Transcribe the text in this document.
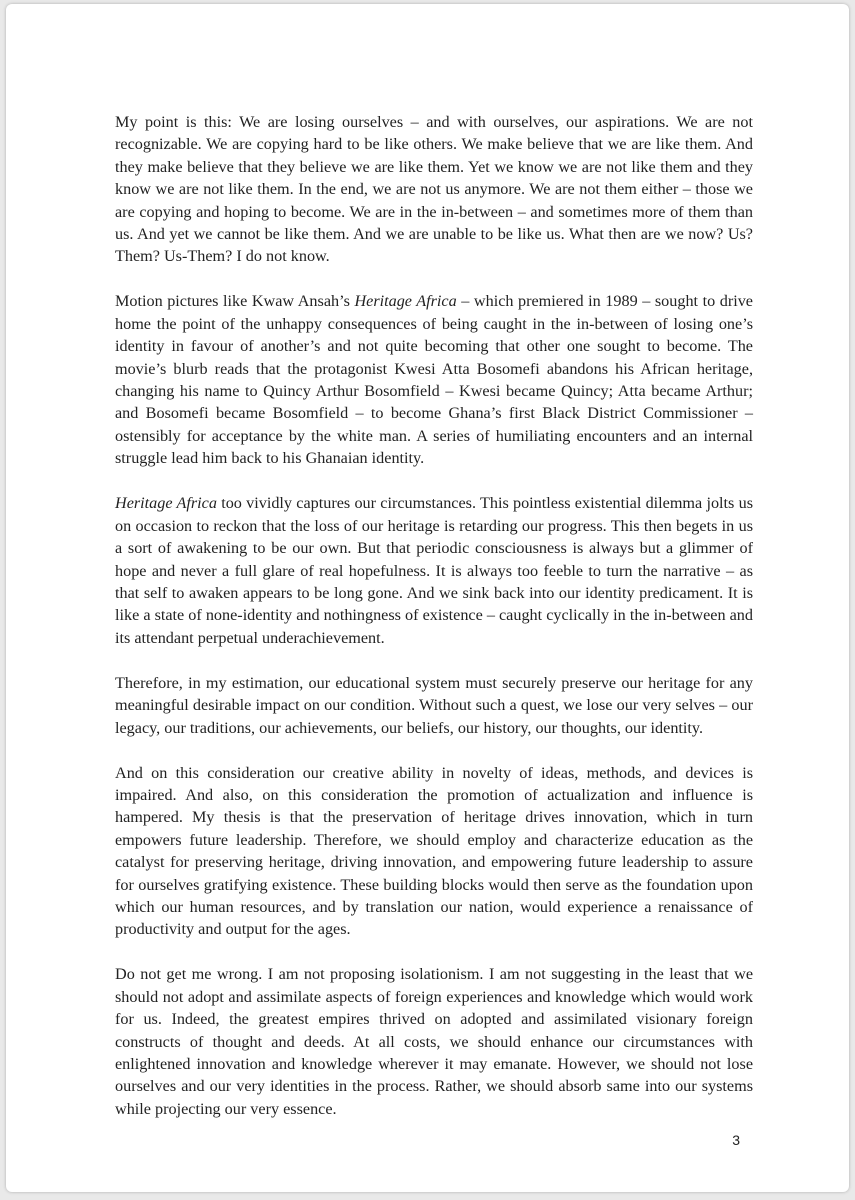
My point is this: We are losing ourselves – and with ourselves, our aspirations. We are not recognizable. We are copying hard to be like others. We make believe that we are like them. And they make believe that they believe we are like them. Yet we know we are not like them and they know we are not like them. In the end, we are not us anymore. We are not them either – those we are copying and hoping to become. We are in the in-between – and sometimes more of them than us. And yet we cannot be like them. And we are unable to be like us. What then are we now? Us? Them? Us-Them? I do not know.

Motion pictures like Kwaw Ansah’s Heritage Africa – which premiered in 1989 – sought to drive home the point of the unhappy consequences of being caught in the in-between of losing one’s identity in favour of another’s and not quite becoming that other one sought to become. The movie’s blurb reads that the protagonist Kwesi Atta Bosomefi abandons his African heritage, changing his name to Quincy Arthur Bosomfield – Kwesi became Quincy; Atta became Arthur; and Bosomefi became Bosomfield – to become Ghana’s first Black District Commissioner – ostensibly for acceptance by the white man. A series of humiliating encounters and an internal struggle lead him back to his Ghanaian identity.

Heritage Africa too vividly captures our circumstances. This pointless existential dilemma jolts us on occasion to reckon that the loss of our heritage is retarding our progress. This then begets in us a sort of awakening to be our own. But that periodic consciousness is always but a glimmer of hope and never a full glare of real hopefulness. It is always too feeble to turn the narrative – as that self to awaken appears to be long gone. And we sink back into our identity predicament. It is like a state of none-identity and nothingness of existence – caught cyclically in the in-between and its attendant perpetual underachievement.

Therefore, in my estimation, our educational system must securely preserve our heritage for any meaningful desirable impact on our condition. Without such a quest, we lose our very selves – our legacy, our traditions, our achievements, our beliefs, our history, our thoughts, our identity.

And on this consideration our creative ability in novelty of ideas, methods, and devices is impaired. And also, on this consideration the promotion of actualization and influence is hampered. My thesis is that the preservation of heritage drives innovation, which in turn empowers future leadership. Therefore, we should employ and characterize education as the catalyst for preserving heritage, driving innovation, and empowering future leadership to assure for ourselves gratifying existence. These building blocks would then serve as the foundation upon which our human resources, and by translation our nation, would experience a renaissance of productivity and output for the ages.

Do not get me wrong. I am not proposing isolationism. I am not suggesting in the least that we should not adopt and assimilate aspects of foreign experiences and knowledge which would work for us. Indeed, the greatest empires thrived on adopted and assimilated visionary foreign constructs of thought and deeds. At all costs, we should enhance our circumstances with enlightened innovation and knowledge wherever it may emanate. However, we should not lose ourselves and our very identities in the process. Rather, we should absorb same into our systems while projecting our very essence.

3
